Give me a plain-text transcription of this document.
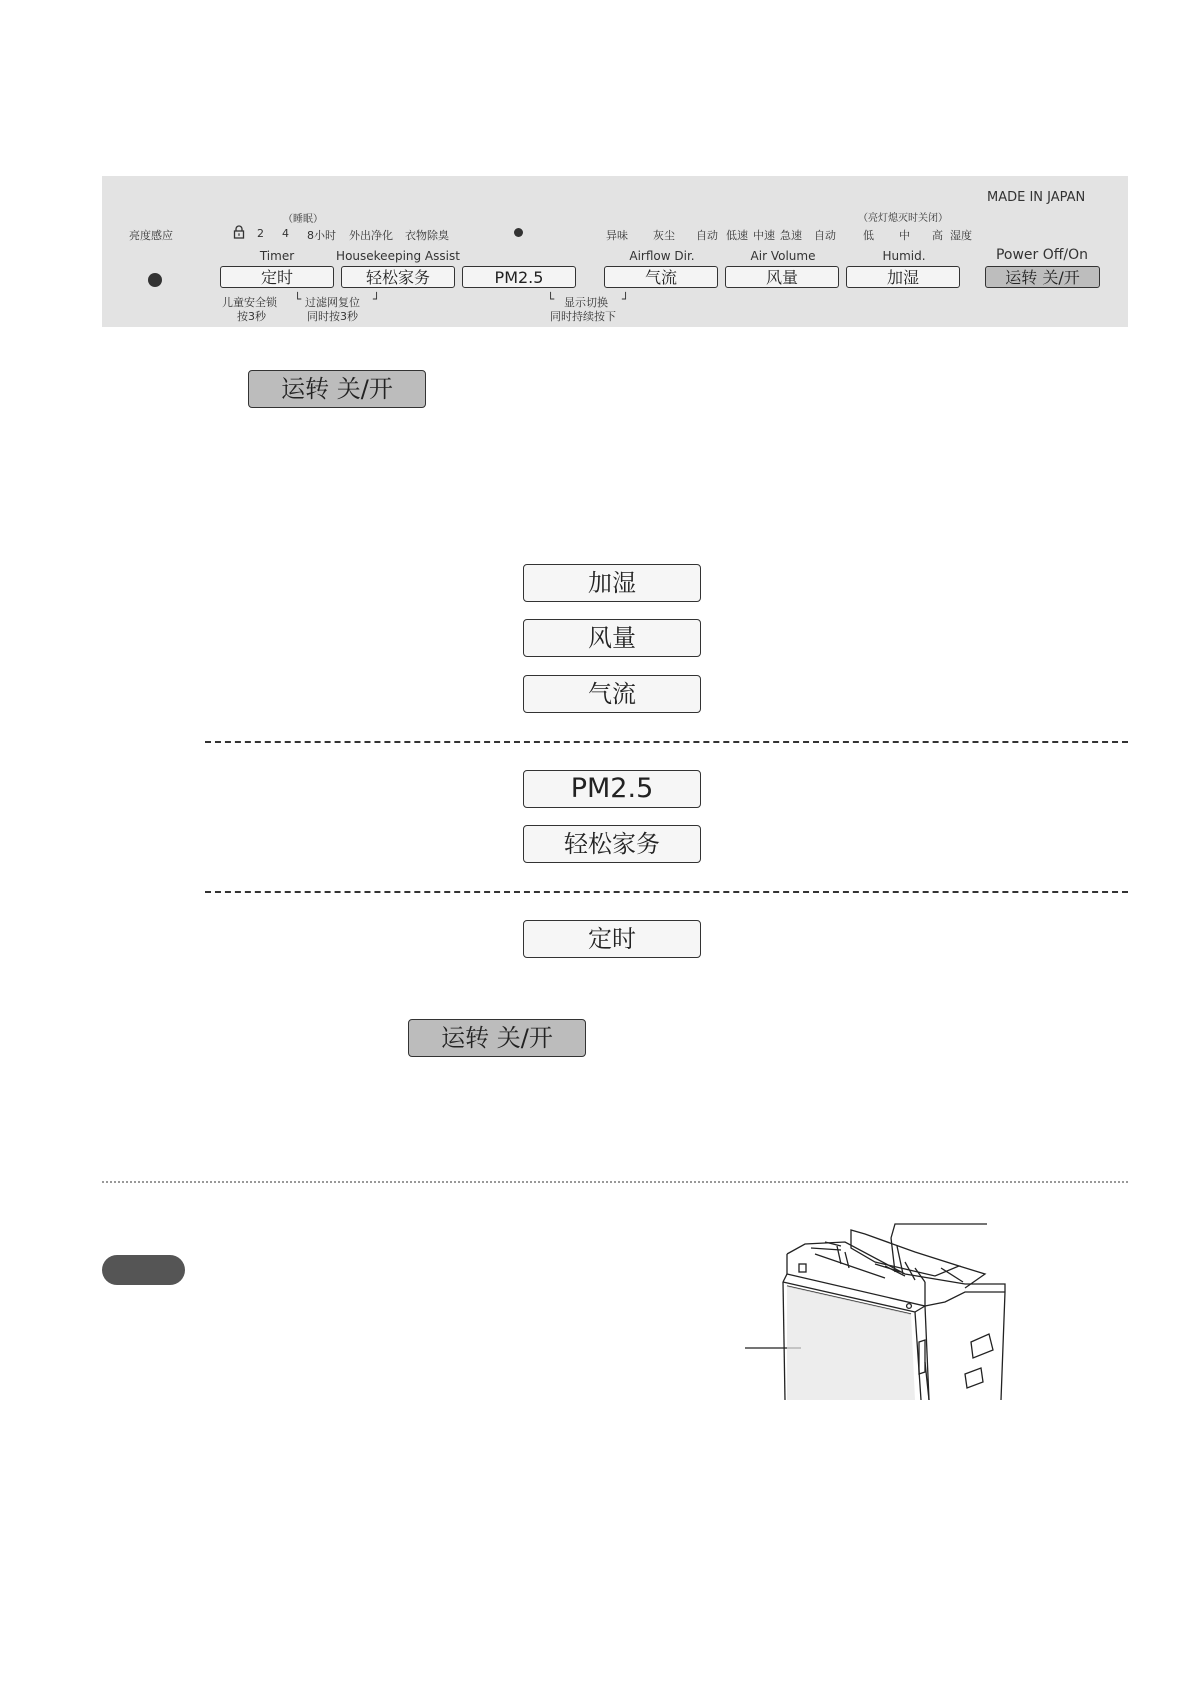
亮度感应
（睡眠）
2 4 8小时 外出净化 衣物除臭	异味 灰尘 自动 低速 中速 急速 自动
（亮灯熄灭时关闭）
低 中 高 湿度
MADE IN JAPAN
Timer	Housekeeping Assist	Airflow Dir.	Air Volume	Humid.	Power Off/On
定时	轻松家务	PM2.5	气流	风量	加湿	运转 关/开
儿童安全锁
按3秒
└ 过滤网复位 ┘
同时按3秒
└ 显示切换 ┘
同时持续按下
运转 关/开
加湿
风量
气流
PM2.5
轻松家务
定时
运转 关/开
